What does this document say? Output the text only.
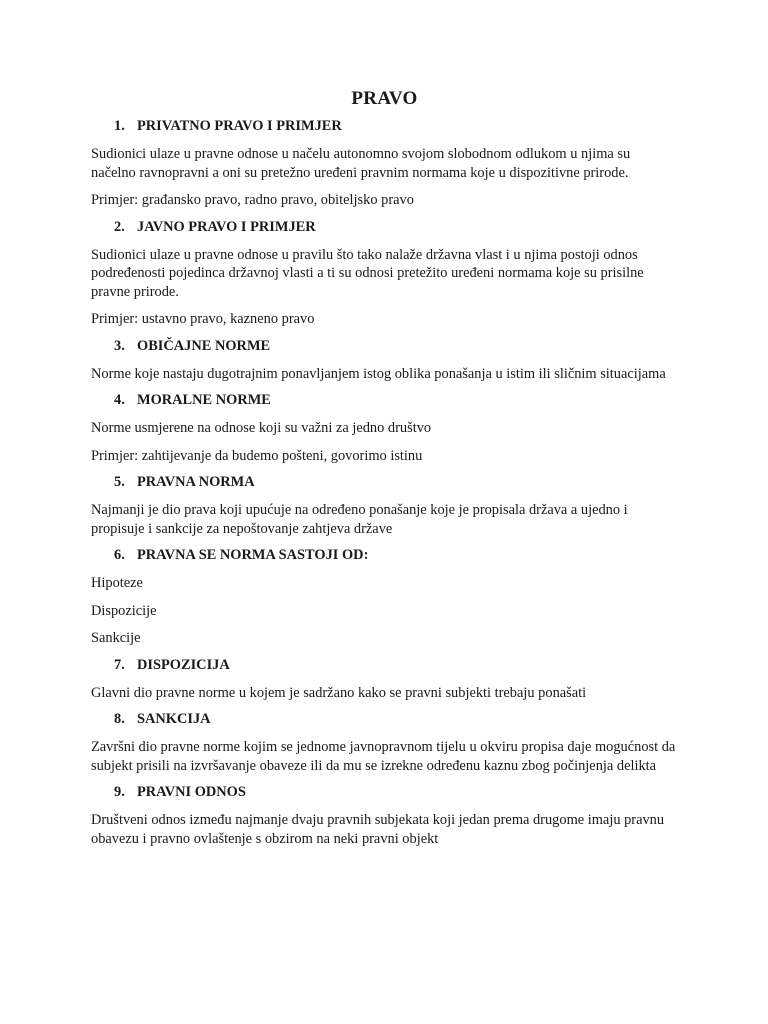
PRAVO
1. PRIVATNO PRAVO I PRIMJER

Sudionici ulaze u pravne odnose u načelu autonomno svojom slobodnom odlukom u njima su načelno ravnopravni a oni su pretežno uređeni pravnim normama koje u dispozitivne prirode.

Primjer: građansko pravo, radno pravo, obiteljsko pravo

2. JAVNO PRAVO I PRIMJER

Sudionici ulaze u pravne odnose u pravilu što tako nalaže državna vlast i u njima postoji odnos podređenosti pojedinca državnoj vlasti a ti su odnosi pretežito uređeni normama koje su prisilne pravne prirode.

Primjer: ustavno pravo, kazneno pravo

3. OBIČAJNE NORME

Norme koje nastaju dugotrajnim ponavljanjem istog oblika ponašanja u istim ili sličnim situacijama

4. MORALNE NORME

Norme usmjerene na odnose koji su važni za jedno društvo

Primjer: zahtijevanje da budemo pošteni, govorimo istinu

5. PRAVNA NORMA

Najmanji je dio prava koji upućuje na određeno ponašanje koje je propisala država a ujedno i propisuje i sankcije za nepoštovanje zahtjeva države

6. PRAVNA SE NORMA SASTOJI OD:

Hipoteze

Dispozicije

Sankcije

7. DISPOZICIJA

Glavni dio pravne norme u kojem je sadržano kako se pravni subjekti trebaju ponašati

8. SANKCIJA

Završni dio pravne norme kojim se jednome javnopravnom tijelu u okviru propisa daje mogućnost da subjekt prisili na izvršavanje obaveze ili da mu se izrekne određenu kaznu zbog počinjenja delikta

9. PRAVNI ODNOS

Društveni odnos između najmanje dvaju pravnih subjekata koji jedan prema drugome imaju pravnu obavezu i pravno ovlaštenje s obzirom na neki pravni objekt
